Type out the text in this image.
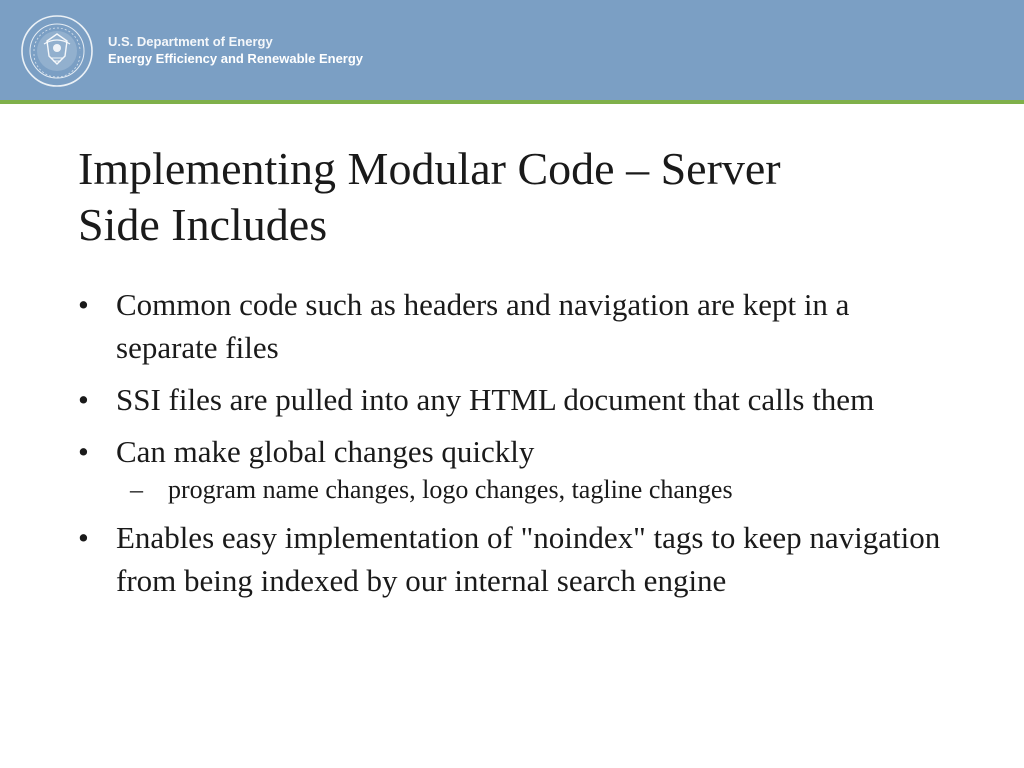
U.S. Department of Energy
Energy Efficiency and Renewable Energy
Implementing Modular Code – Server
Side Includes
• Common code such as headers and navigation are kept in a separate files
• SSI files are pulled into any HTML document that calls them
• Can make global changes quickly
– program name changes, logo changes, tagline changes
• Enables easy implementation of "noindex" tags to keep navigation from being indexed by our internal search engine
